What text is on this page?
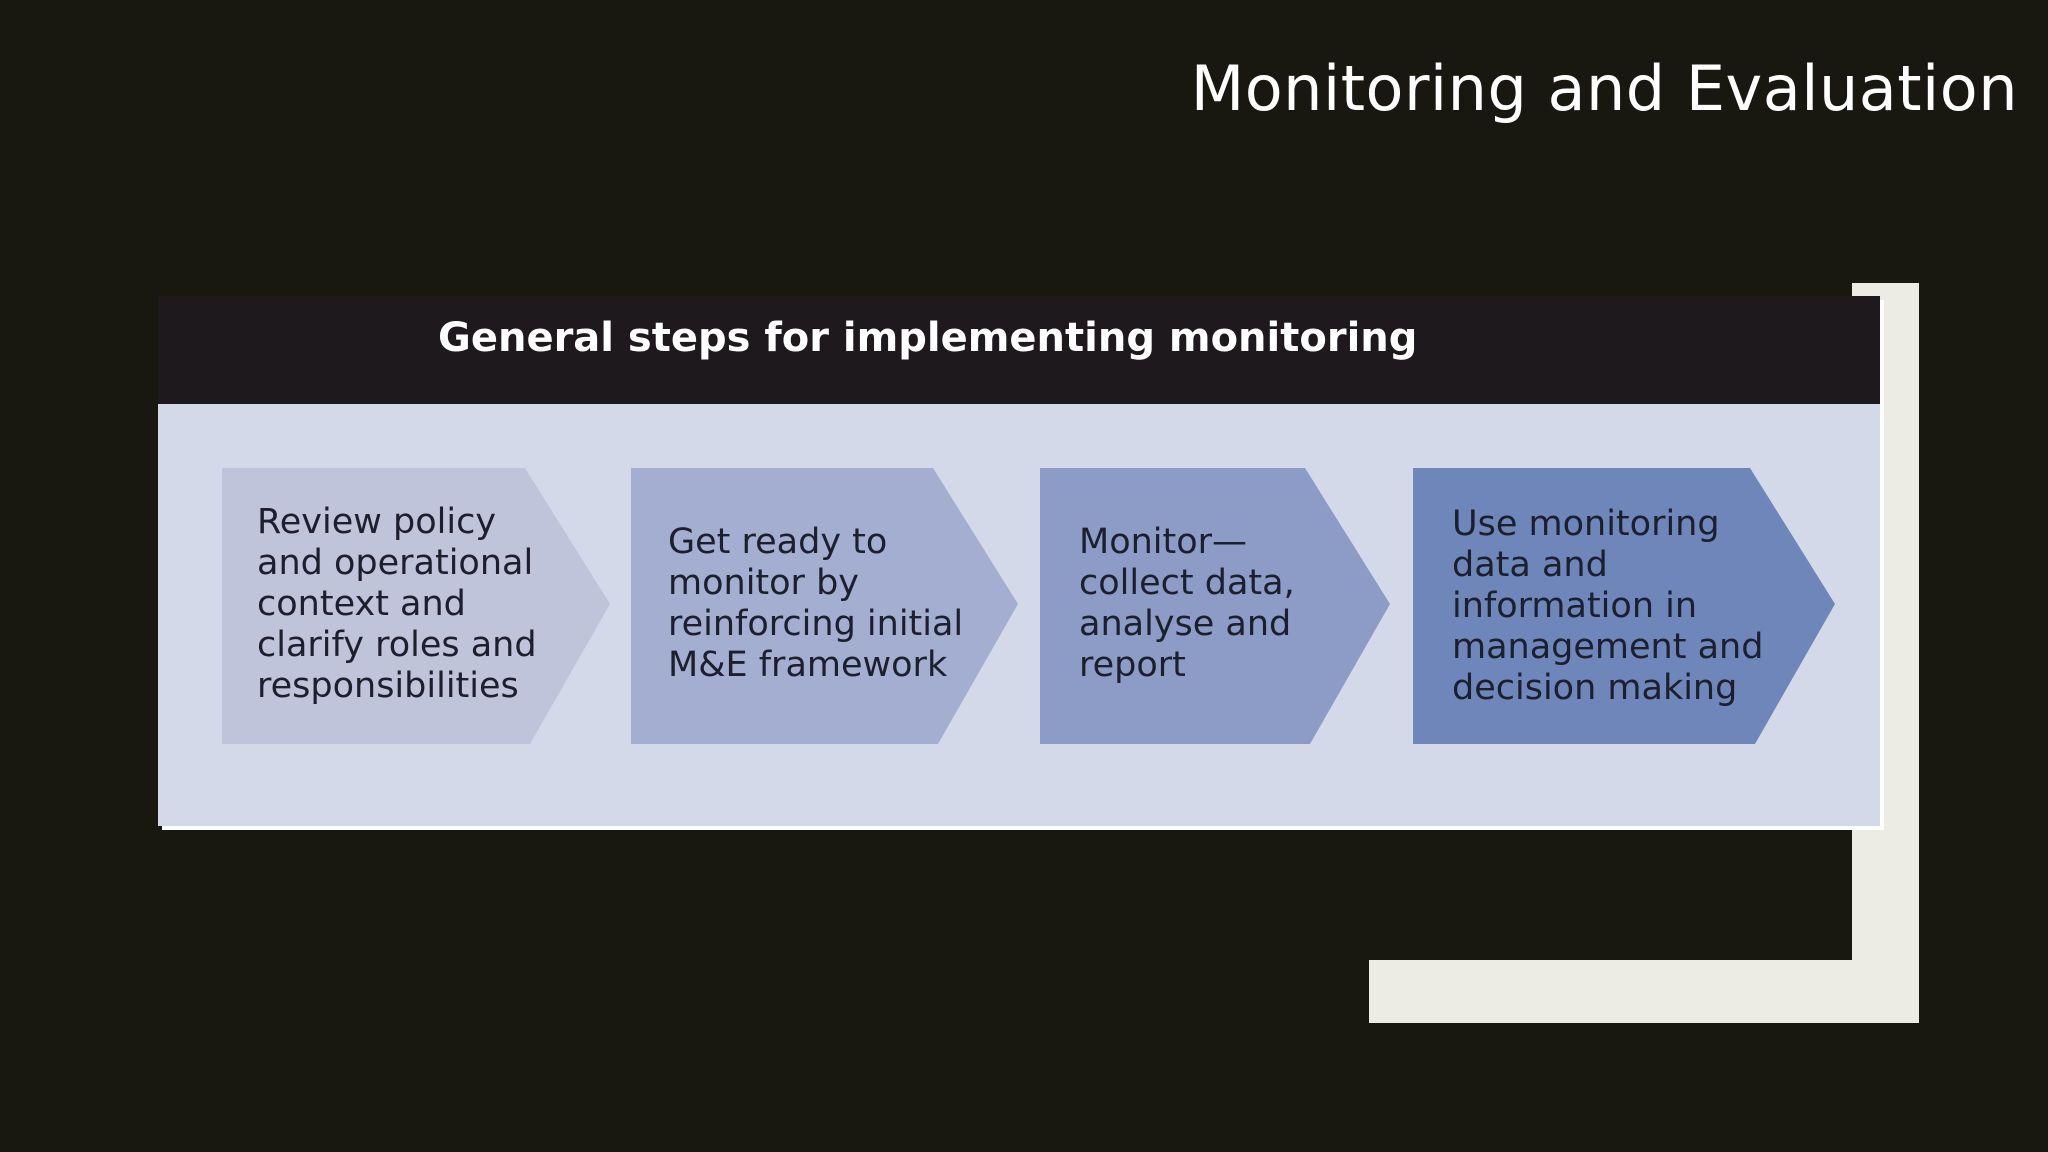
Monitoring and Evaluation
General steps for implementing monitoring
Review policy
and operational
context and
clarify roles and
responsibilities
Get ready to
monitor by
reinforcing initial
M&E framework
Monitor—
collect data,
analyse and
report
Use monitoring
data and
information in
management and
decision making
